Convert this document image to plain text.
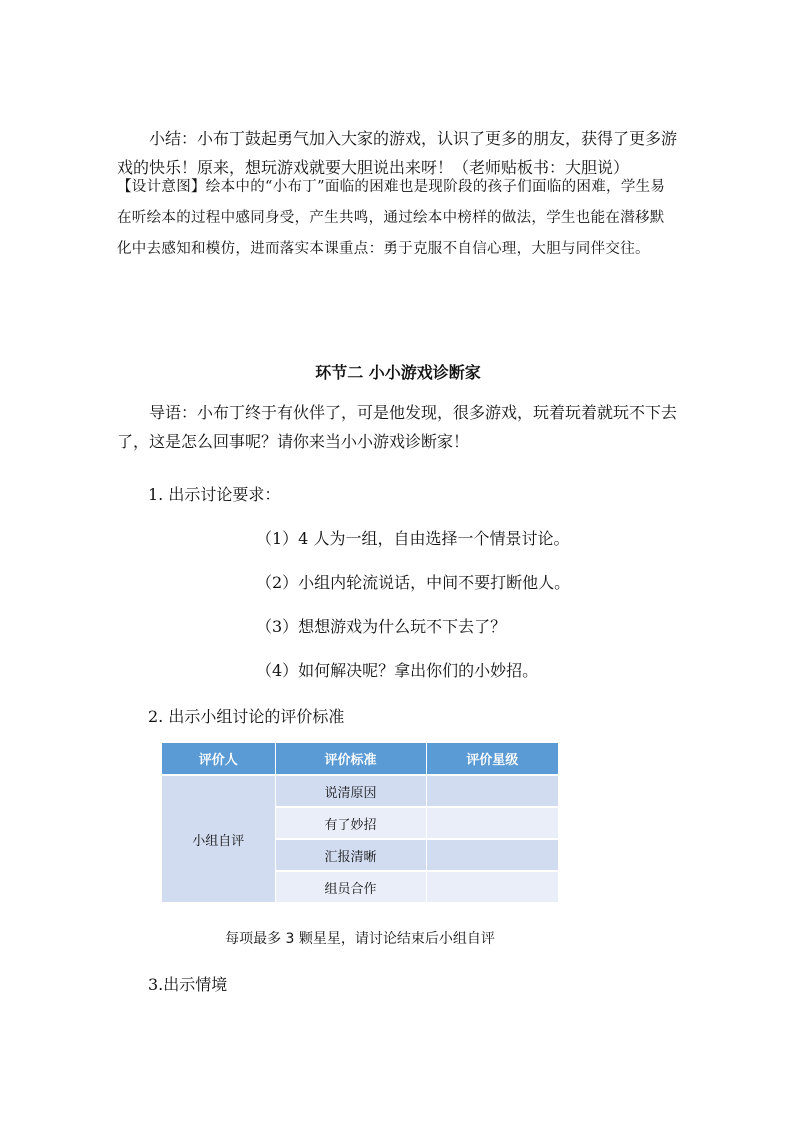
小结：小布丁鼓起勇气加入大家的游戏，认识了更多的朋友，获得了更多游戏的快乐！原来，想玩游戏就要大胆说出来呀！（老师贴板书：大胆说）

【设计意图】绘本中的“小布丁”面临的困难也是现阶段的孩子们面临的困难，学生易在听绘本的过程中感同身受，产生共鸣，通过绘本中榜样的做法，学生也能在潜移默化中去感知和模仿，进而落实本课重点：勇于克服不自信心理，大胆与同伴交往。

环节二 小小游戏诊断家

导语：小布丁终于有伙伴了，可是他发现，很多游戏，玩着玩着就玩不下去了，这是怎么回事呢？请你来当小小游戏诊断家！

1. 出示讨论要求：

（1）4 人为一组，自由选择一个情景讨论。

（2）小组内轮流说话，中间不要打断他人。

（3）想想游戏为什么玩不下去了？

（4）如何解决呢？拿出你们的小妙招。

2. 出示小组讨论的评价标准

评价人	评价标准	评价星级
小组自评	说清原因	
	有了妙招	
	汇报清晰	
	组员合作	

每项最多 3 颗星星，请讨论结束后小组自评

3.出示情境
